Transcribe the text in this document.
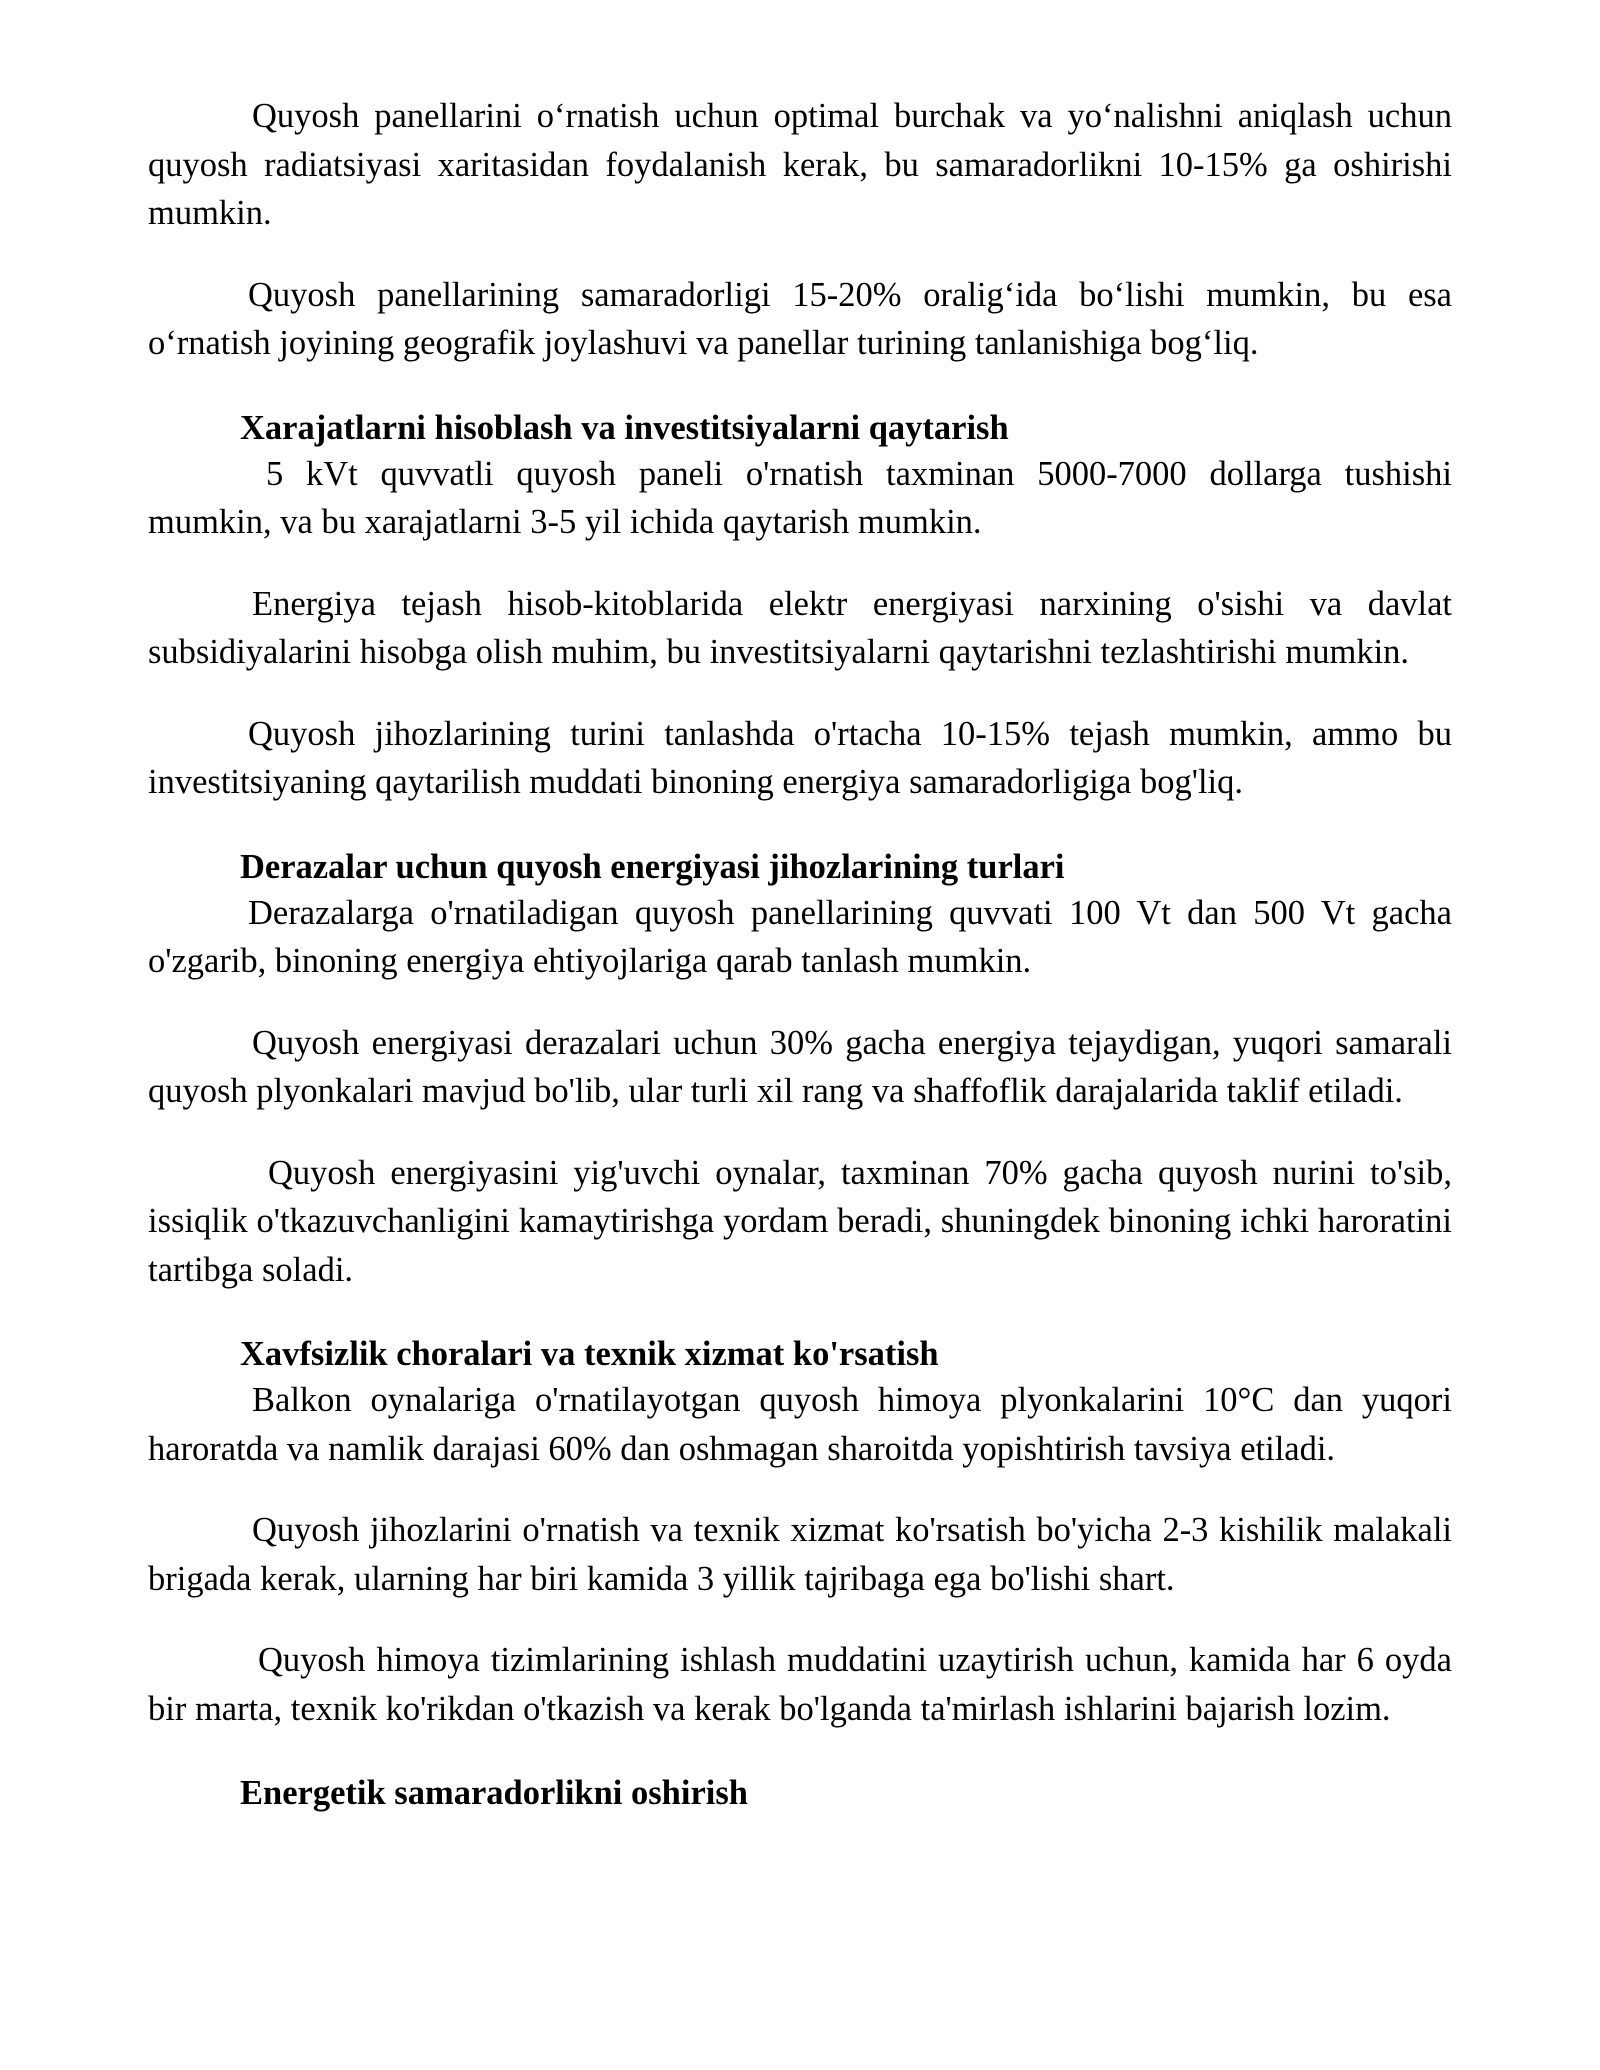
Quyosh panellarini o‘rnatish uchun optimal burchak va yo‘nalishni aniqlash uchun quyosh radiatsiyasi xaritasidan foydalanish kerak, bu samaradorlikni 10-15% ga oshirishi mumkin.

Quyosh panellarining samaradorligi 15-20% oralig‘ida bo‘lishi mumkin, bu esa o‘rnatish joyining geografik joylashuvi va panellar turining tanlanishiga bog‘liq.

Xarajatlarni hisoblash va investitsiyalarni qaytarish

5 kVt quvvatli quyosh paneli o'rnatish taxminan 5000-7000 dollarga tushishi mumkin, va bu xarajatlarni 3-5 yil ichida qaytarish mumkin.

Energiya tejash hisob-kitoblarida elektr energiyasi narxining o'sishi va davlat subsidiyalarini hisobga olish muhim, bu investitsiyalarni qaytarishni tezlashtirishi mumkin.

Quyosh jihozlarining turini tanlashda o'rtacha 10-15% tejash mumkin, ammo bu investitsiyaning qaytarilish muddati binoning energiya samaradorligiga bog'liq.

Derazalar uchun quyosh energiyasi jihozlarining turlari

Derazalarga o'rnatiladigan quyosh panellarining quvvati 100 Vt dan 500 Vt gacha o'zgarib, binoning energiya ehtiyojlariga qarab tanlash mumkin.

Quyosh energiyasi derazalari uchun 30% gacha energiya tejaydigan, yuqori samarali quyosh plyonkalari mavjud bo'lib, ular turli xil rang va shaffoflik darajalarida taklif etiladi.

Quyosh energiyasini yig'uvchi oynalar, taxminan 70% gacha quyosh nurini to'sib, issiqlik o'tkazuvchanligini kamaytirishga yordam beradi, shuningdek binoning ichki haroratini tartibga soladi.

Xavfsizlik choralari va texnik xizmat ko'rsatish

Balkon oynalariga o'rnatilayotgan quyosh himoya plyonkalarini 10°C dan yuqori haroratda va namlik darajasi 60% dan oshmagan sharoitda yopishtirish tavsiya etiladi.

Quyosh jihozlarini o'rnatish va texnik xizmat ko'rsatish bo'yicha 2-3 kishilik malakali brigada kerak, ularning har biri kamida 3 yillik tajribaga ega bo'lishi shart.

Quyosh himoya tizimlarining ishlash muddatini uzaytirish uchun, kamida har 6 oyda bir marta, texnik ko'rikdan o'tkazish va kerak bo'lganda ta'mirlash ishlarini bajarish lozim.

Energetik samaradorlikni oshirish
